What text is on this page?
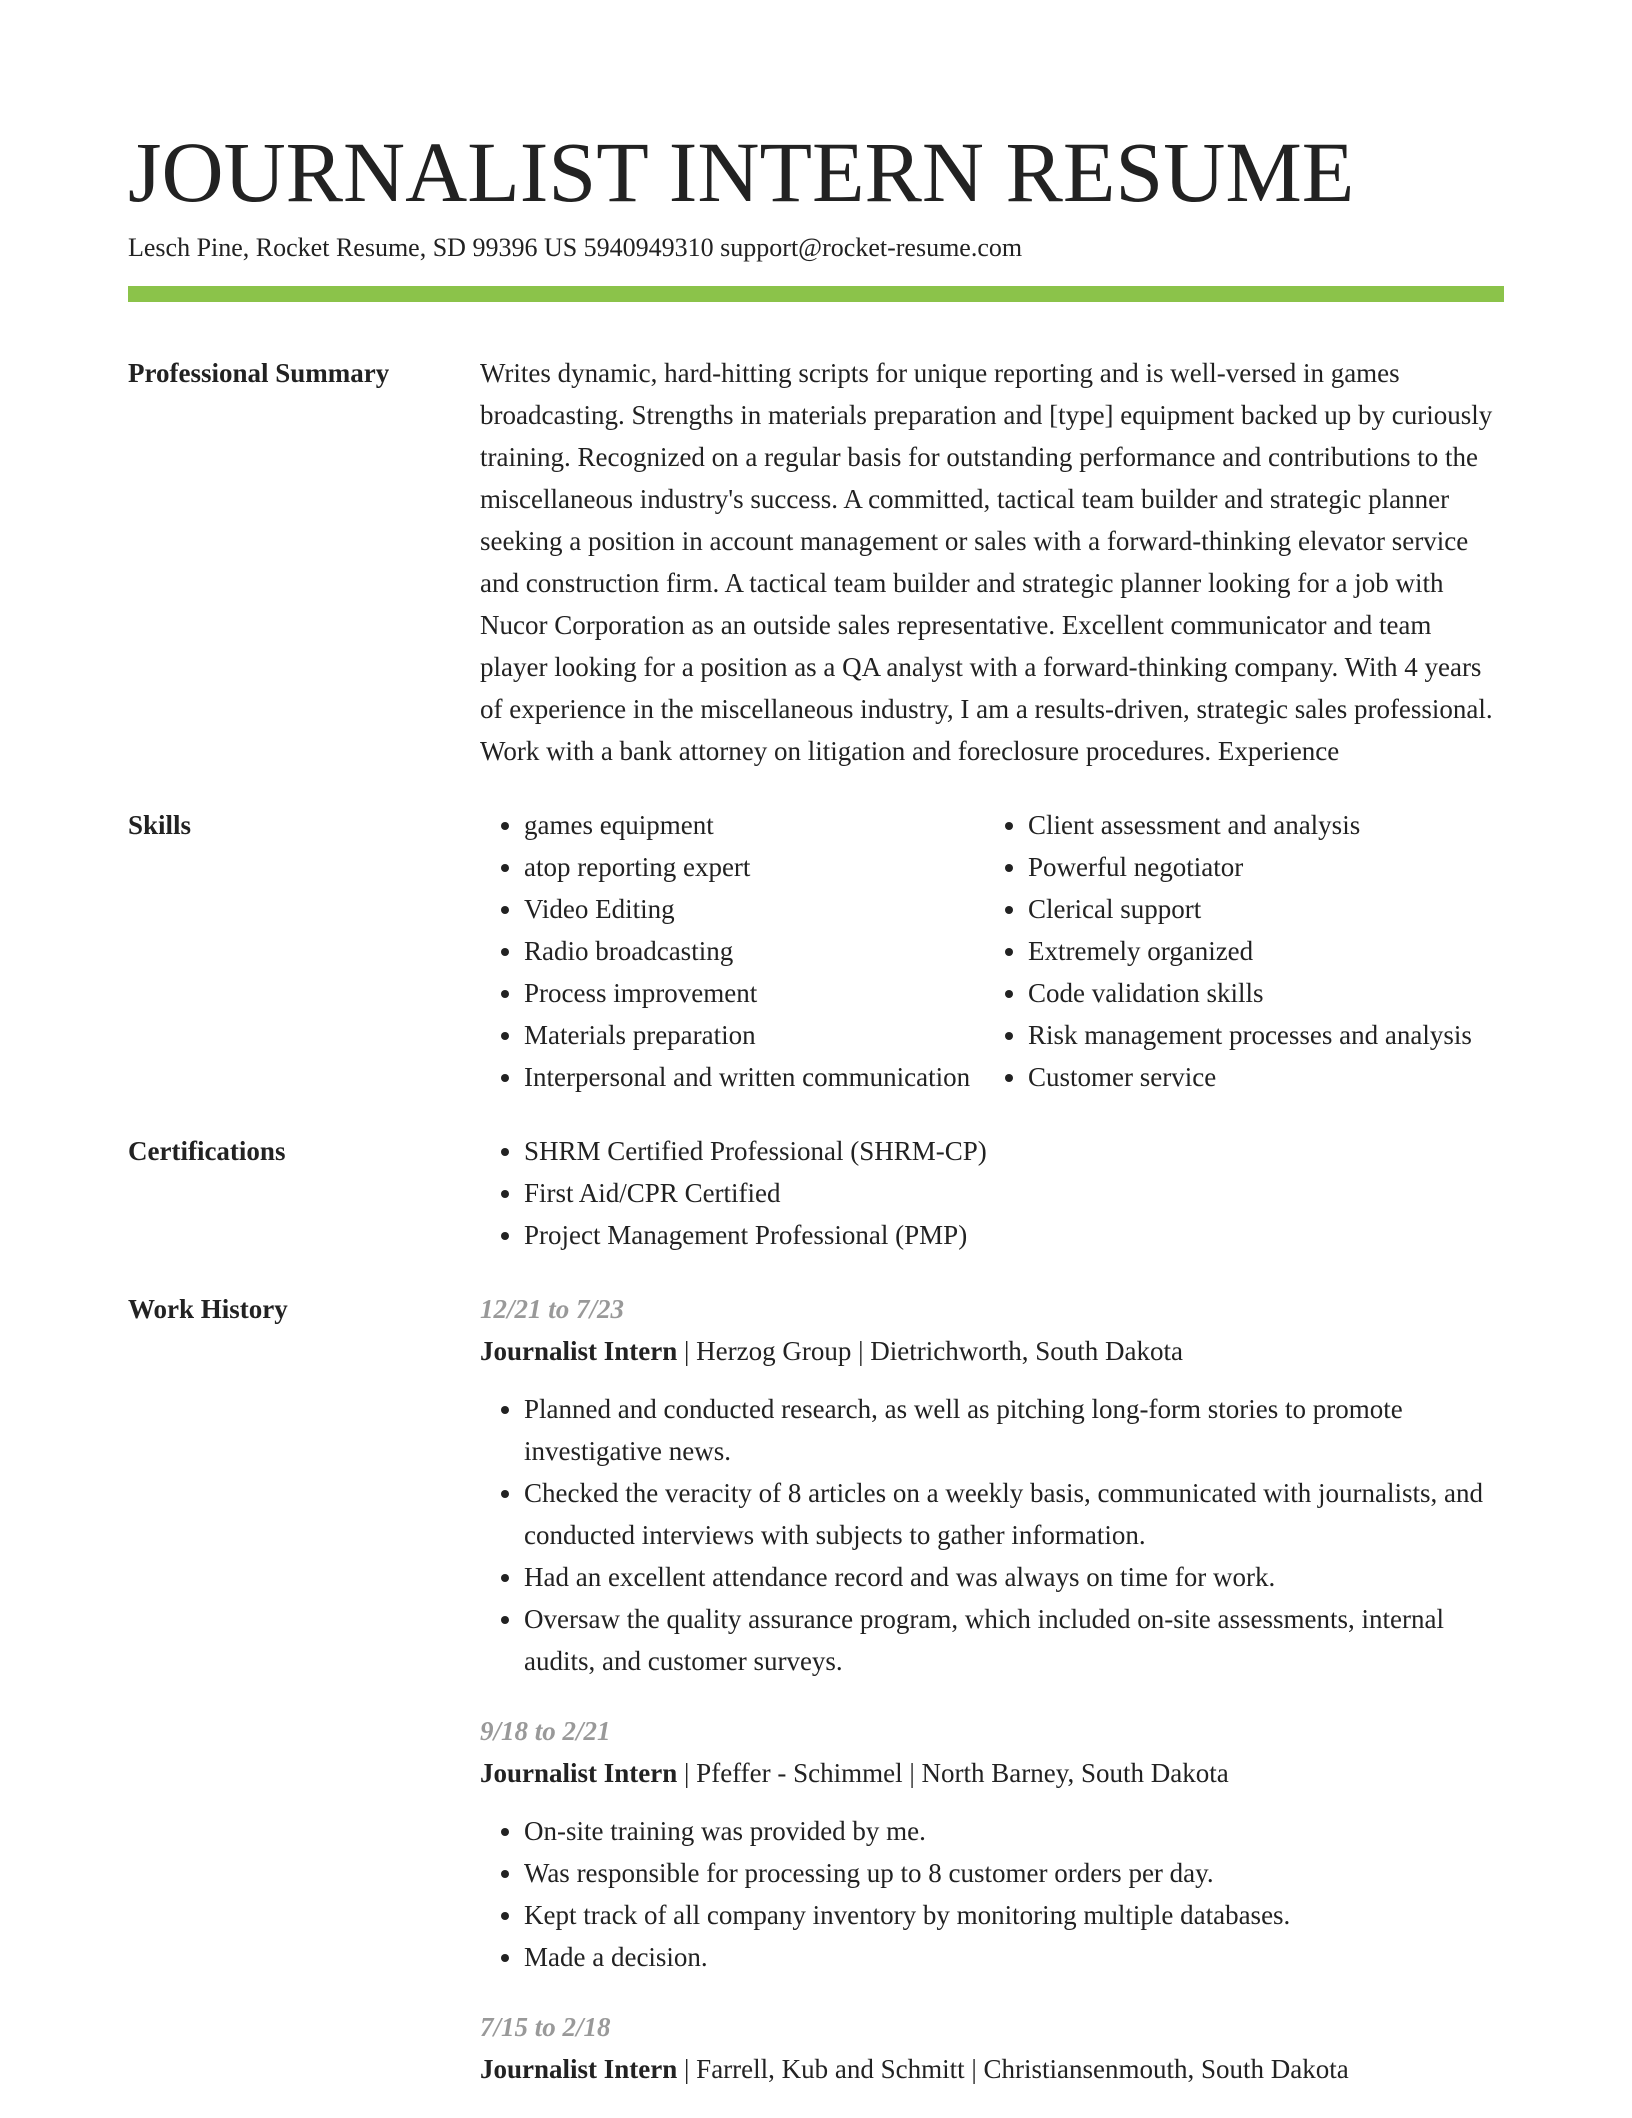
JOURNALIST INTERN RESUME
Lesch Pine, Rocket Resume, SD 99396 US 5940949310 support@rocket-resume.com
Professional Summary	Writes dynamic, hard-hitting scripts for unique reporting and is well-versed in games broadcasting. Strengths in materials preparation and [type] equipment backed up by curiously training. Recognized on a regular basis for outstanding performance and contributions to the miscellaneous industry's success. A committed, tactical team builder and strategic planner seeking a position in account management or sales with a forward-thinking elevator service and construction firm. A tactical team builder and strategic planner looking for a job with Nucor Corporation as an outside sales representative. Excellent communicator and team player looking for a position as a QA analyst with a forward-thinking company. With 4 years of experience in the miscellaneous industry, I am a results-driven, strategic sales professional. Work with a bank attorney on litigation and foreclosure procedures. Experience
Skills	• games equipment
• atop reporting expert
• Video Editing
• Radio broadcasting
• Process improvement
• Materials preparation
• Interpersonal and written communication
• Client assessment and analysis
• Powerful negotiator
• Clerical support
• Extremely organized
• Code validation skills
• Risk management processes and analysis
• Customer service
Certifications	• SHRM Certified Professional (SHRM-CP)
• First Aid/CPR Certified
• Project Management Professional (PMP)
Work History	12/21 to 7/23
Journalist Intern | Herzog Group | Dietrichworth, South Dakota
• Planned and conducted research, as well as pitching long-form stories to promote investigative news.
• Checked the veracity of 8 articles on a weekly basis, communicated with journalists, and conducted interviews with subjects to gather information.
• Had an excellent attendance record and was always on time for work.
• Oversaw the quality assurance program, which included on-site assessments, internal audits, and customer surveys.
9/18 to 2/21
Journalist Intern | Pfeffer - Schimmel | North Barney, South Dakota
• On-site training was provided by me.
• Was responsible for processing up to 8 customer orders per day.
• Kept track of all company inventory by monitoring multiple databases.
• Made a decision.
7/15 to 2/18
Journalist Intern | Farrell, Kub and Schmitt | Christiansenmouth, South Dakota
